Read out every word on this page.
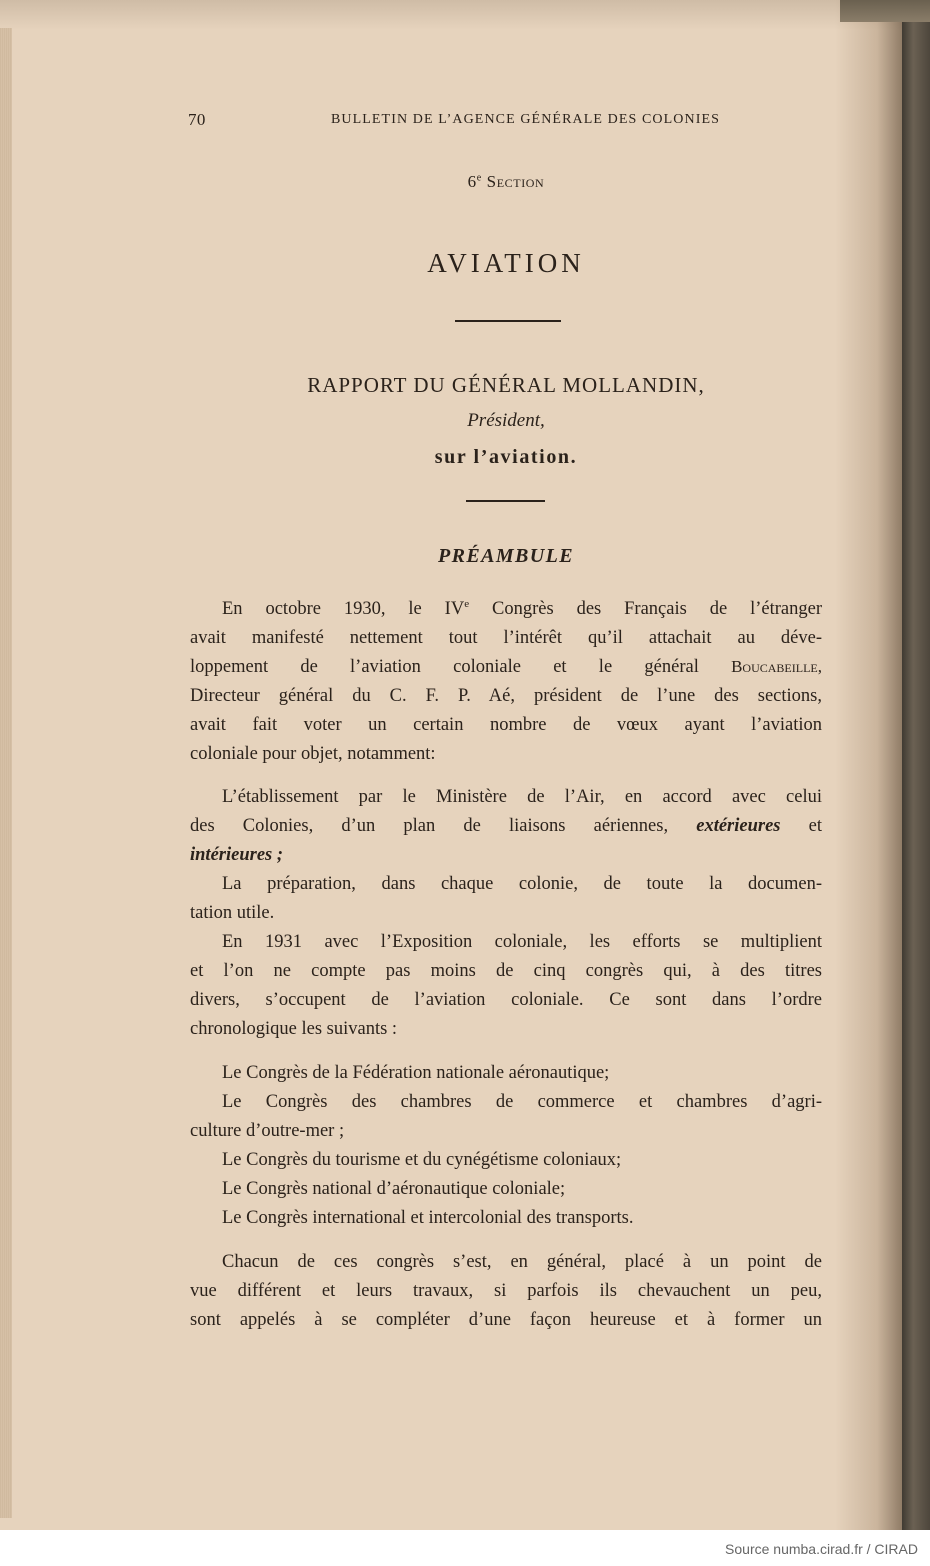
70	BULLETIN DE L’AGENCE GÉNÉRALE DES COLONIES
6e Section
AVIATION
RAPPORT DU GÉNÉRAL MOLLANDIN,
Président,
sur l’aviation.
PRÉAMBULE
En octobre 1930, le IVe Congrès des Français de l’étranger
avait manifesté nettement tout l’intérêt qu’il attachait au déve-
loppement de l’aviation coloniale et le général Boucabeille,
Directeur général du C. F. P. Aé, président de l’une des sections,
avait fait voter un certain nombre de vœux ayant l’aviation
coloniale pour objet, notamment:
L’établissement par le Ministère de l’Air, en accord avec celui
des Colonies, d’un plan de liaisons aériennes, extérieures et
intérieures ;
La préparation, dans chaque colonie, de toute la documen-
tation utile.
En 1931 avec l’Exposition coloniale, les efforts se multiplient
et l’on ne compte pas moins de cinq congrès qui, à des titres
divers, s’occupent de l’aviation coloniale. Ce sont dans l’ordre
chronologique les suivants :
Le Congrès de la Fédération nationale aéronautique;
Le Congrès des chambres de commerce et chambres d’agri-
culture d’outre-mer ;
Le Congrès du tourisme et du cynégétisme coloniaux;
Le Congrès national d’aéronautique coloniale;
Le Congrès international et intercolonial des transports.
Chacun de ces congrès s’est, en général, placé à un point de
vue différent et leurs travaux, si parfois ils chevauchent un peu,
sont appelés à se compléter d’une façon heureuse et à former un
Source numba.cirad.fr / CIRAD
